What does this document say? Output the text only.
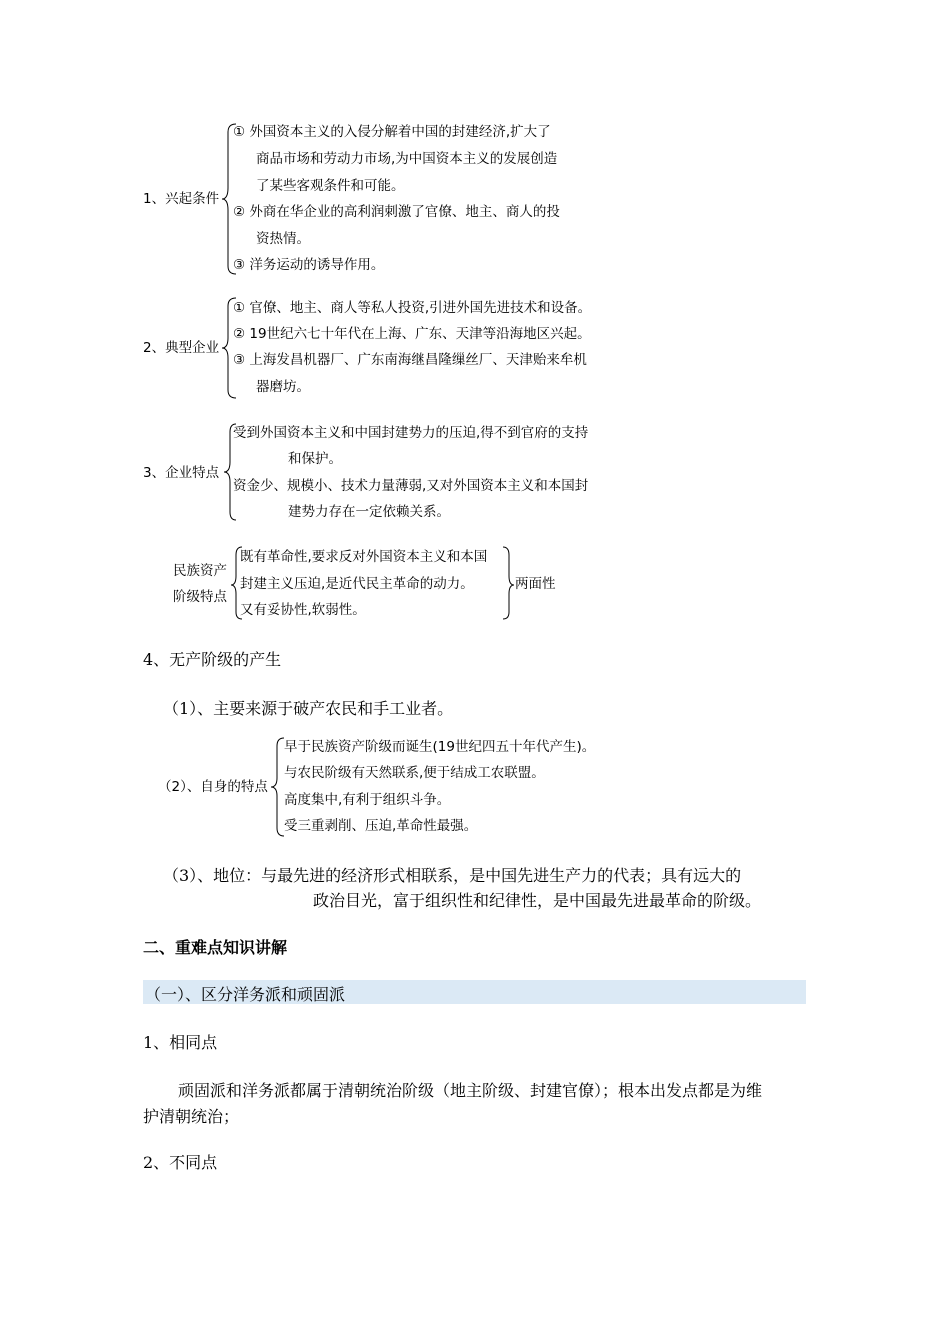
1、兴起条件
① 外国资本主义的入侵分解着中国的封建经济,扩大了
商品市场和劳动力市场,为中国资本主义的发展创造
了某些客观条件和可能。
② 外商在华企业的高利润刺激了官僚、地主、商人的投
资热情。
③ 洋务运动的诱导作用。
2、典型企业
① 官僚、地主、商人等私人投资,引进外国先进技术和设备。
② 19世纪六七十年代在上海、广东、天津等沿海地区兴起。
③ 上海发昌机器厂、广东南海继昌隆缫丝厂、天津贻来牟机
器磨坊。
3、企业特点
受到外国资本主义和中国封建势力的压迫,得不到官府的支持
和保护。
资金少、规模小、技术力量薄弱,又对外国资本主义和本国封
建势力存在一定依赖关系。
民族资产
阶级特点
既有革命性,要求反对外国资本主义和本国
封建主义压迫,是近代民主革命的动力。
又有妥协性,软弱性。
两面性
4、无产阶级的产生
（1）、主要来源于破产农民和手工业者。
（2）、自身的特点
早于民族资产阶级而诞生(19世纪四五十年代产生)。
与农民阶级有天然联系,便于结成工农联盟。
高度集中,有利于组织斗争。
受三重剥削、压迫,革命性最强。
（3）、地位：与最先进的经济形式相联系，是中国先进生产力的代表；具有远大的
政治目光，富于组织性和纪律性，是中国最先进最革命的阶级。
二、重难点知识讲解
（一）、区分洋务派和顽固派
1、相同点
顽固派和洋务派都属于清朝统治阶级（地主阶级、封建官僚）；根本出发点都是为维
护清朝统治；
2、不同点
